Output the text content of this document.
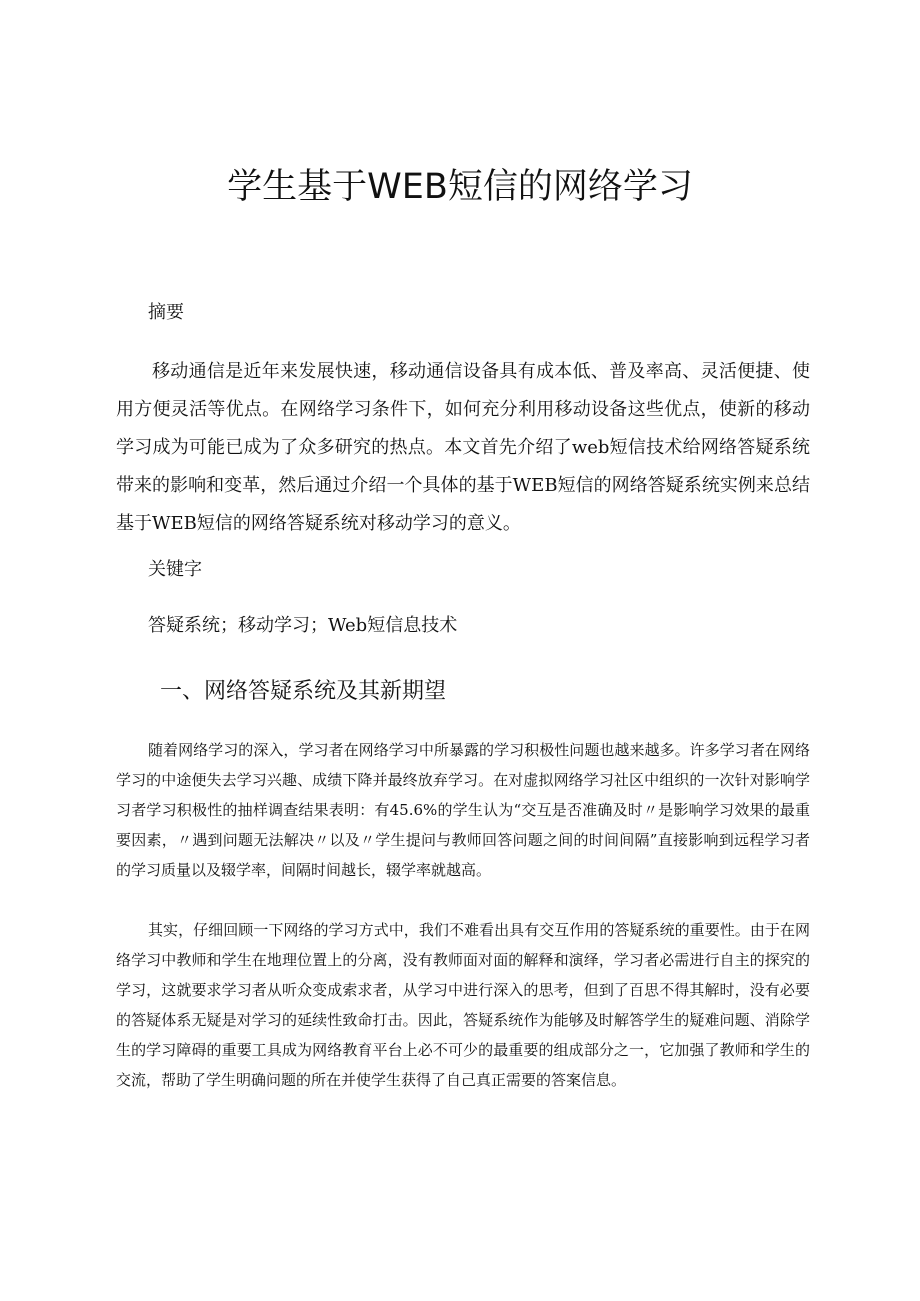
学生基于WEB短信的网络学习

摘要

移动通信是近年来发展快速，移动通信设备具有成本低、普及率高、灵活便捷、使用方便灵活等优点。在网络学习条件下，如何充分利用移动设备这些优点，使新的移动学习成为可能已成为了众多研究的热点。本文首先介绍了web短信技术给网络答疑系统带来的影响和变革，然后通过介绍一个具体的基于WEB短信的网络答疑系统实例来总结基于WEB短信的网络答疑系统对移动学习的意义。

关键字

答疑系统；移动学习；Web短信息技术

一、网络答疑系统及其新期望

随着网络学习的深入，学习者在网络学习中所暴露的学习积极性问题也越来越多。许多学习者在网络学习的中途便失去学习兴趣、成绩下降并最终放弃学习。在对虚拟网络学习社区中组织的一次针对影响学习者学习积极性的抽样调查结果表明：有45.6%的学生认为“交互是否准确及时〃是影响学习效果的最重要因素，〃遇到问题无法解决〃以及〃学生提问与教师回答问题之间的时间间隔”直接影响到远程学习者的学习质量以及辍学率，间隔时间越长，辍学率就越高。

其实，仔细回顾一下网络的学习方式中，我们不难看出具有交互作用的答疑系统的重要性。由于在网络学习中教师和学生在地理位置上的分离，没有教师面对面的解释和演绎，学习者必需进行自主的探究的学习，这就要求学习者从听众变成索求者，从学习中进行深入的思考，但到了百思不得其解时，没有必要的答疑体系无疑是对学习的延续性致命打击。因此，答疑系统作为能够及时解答学生的疑难问题、消除学生的学习障碍的重要工具成为网络教育平台上必不可少的最重要的组成部分之一，它加强了教师和学生的交流，帮助了学生明确问题的所在并使学生获得了自己真正需要的答案信息。
